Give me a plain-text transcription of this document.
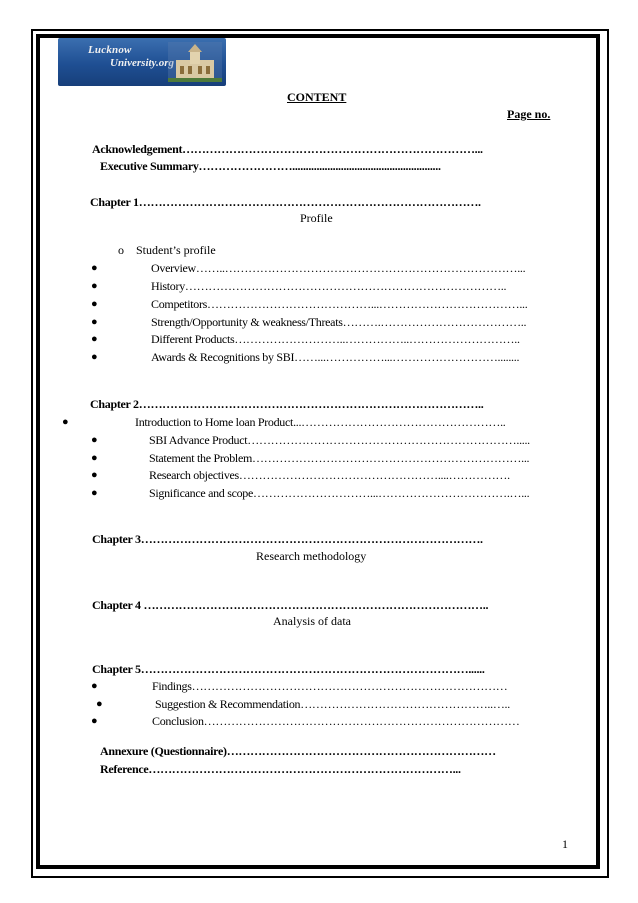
Lucknow
University.org
CONTENT
Page no.
Acknowledgement…………………………………………………………………...
Executive Summary…………………….......................................................
Chapter 1…………………………………………………………………………….
Profile
o Student’s profile
●	Overview……..…………………………………………………………………...
●	History………………………………………………………………………..
●	Competitors……………………………………...………………………………...
●	Strength/Opportunity & weakness/Threats……….………………………………..
●	Different Products………………………..……………..………………………..
●	Awards & Recognitions by SBI……...……………...………………………........
Chapter 2……………………………………………………………………………..
●	Introduction to Home loan Product...……………………………………………..
●	SBI Advance Product…………………………………………………………….....
●	Statement the Problem……………………………………………………………...
●	Research objectives……………………………………………....…………….
●	Significance and scope…………………………...…………………………….…...
Chapter 3…………………………………………………………………………….
Research methodology
Chapter 4 ……………………………………………………………………………..
Analysis of data
Chapter 5…………………………………………………………………………......
●	Findings………………………………………………………………………
●	Suggestion & Recommendation…………………………………………..…..
●	Conclusion………………………………………………………………………
Annexure (Questionnaire)……………………………………………………………
Reference……………………………………………………………………...
1
